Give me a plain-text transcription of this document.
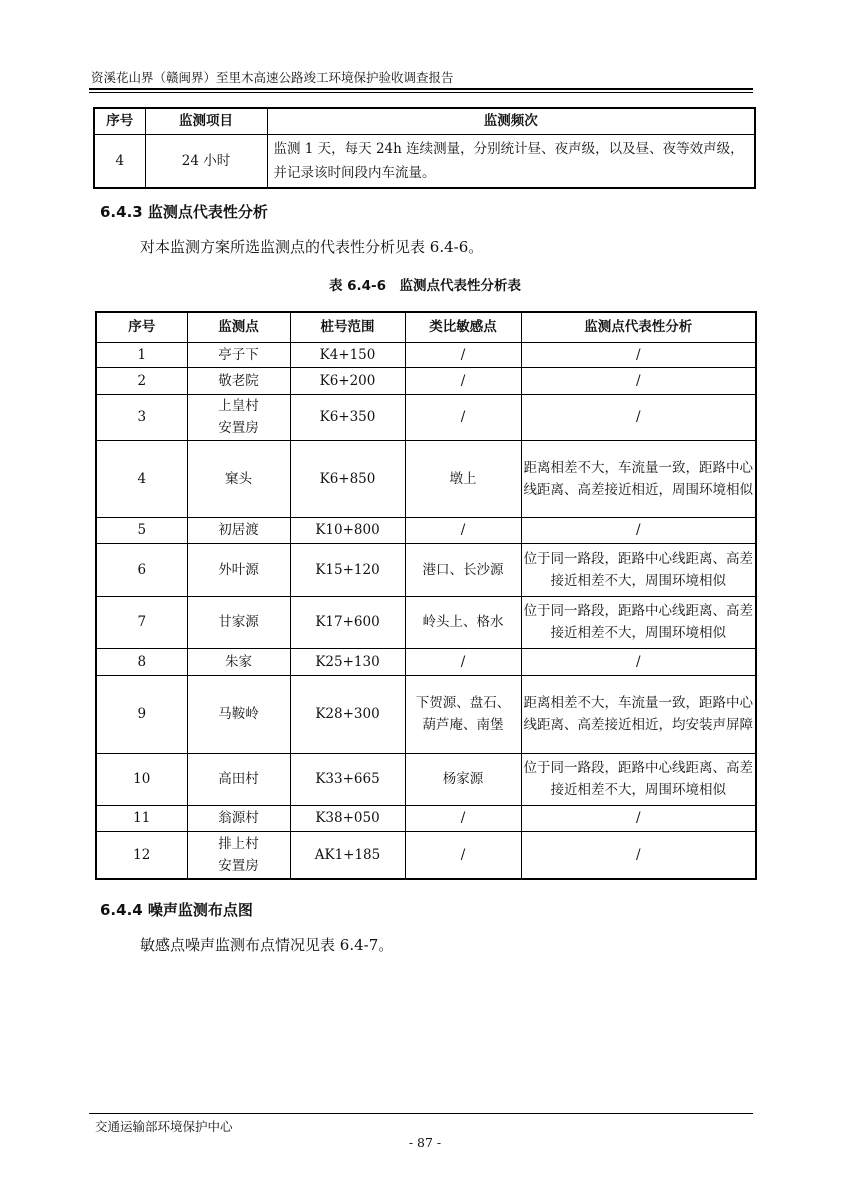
资溪花山界（赣闽界）至里木高速公路竣工环境保护验收调查报告
序号	监测项目	监测频次
4	24 小时	监测 1 天，每天 24h 连续测量，分别统计昼、夜声级，以及昼、夜等效声级，并记录该时间段内车流量。
6.4.3 监测点代表性分析
对本监测方案所选监测点的代表性分析见表 6.4-6。
表 6.4-6　监测点代表性分析表
序号	监测点	桩号范围	类比敏感点	监测点代表性分析
1	亭子下	K4+150	/	/
2	敬老院	K6+200	/	/
3	上皇村安置房	K6+350	/	/
4	窠头	K6+850	墩上	距离相差不大，车流量一致，距路中心线距离、高差接近相近，周围环境相似
5	初居渡	K10+800	/	/
6	外叶源	K15+120	港口、长沙源	位于同一路段，距路中心线距离、高差接近相差不大，周围环境相似
7	甘家源	K17+600	岭头上、格水	位于同一路段，距路中心线距离、高差接近相差不大，周围环境相似
8	朱家	K25+130	/	/
9	马鞍岭	K28+300	下贺源、盘石、葫芦庵、南堡	距离相差不大，车流量一致，距路中心线距离、高差接近相近，均安装声屏障
10	高田村	K33+665	杨家源	位于同一路段，距路中心线距离、高差接近相差不大，周围环境相似
11	翁源村	K38+050	/	/
12	排上村安置房	AK1+185	/	/
6.4.4 噪声监测布点图
敏感点噪声监测布点情况见表 6.4-7。
交通运输部环境保护中心
- 87 -
